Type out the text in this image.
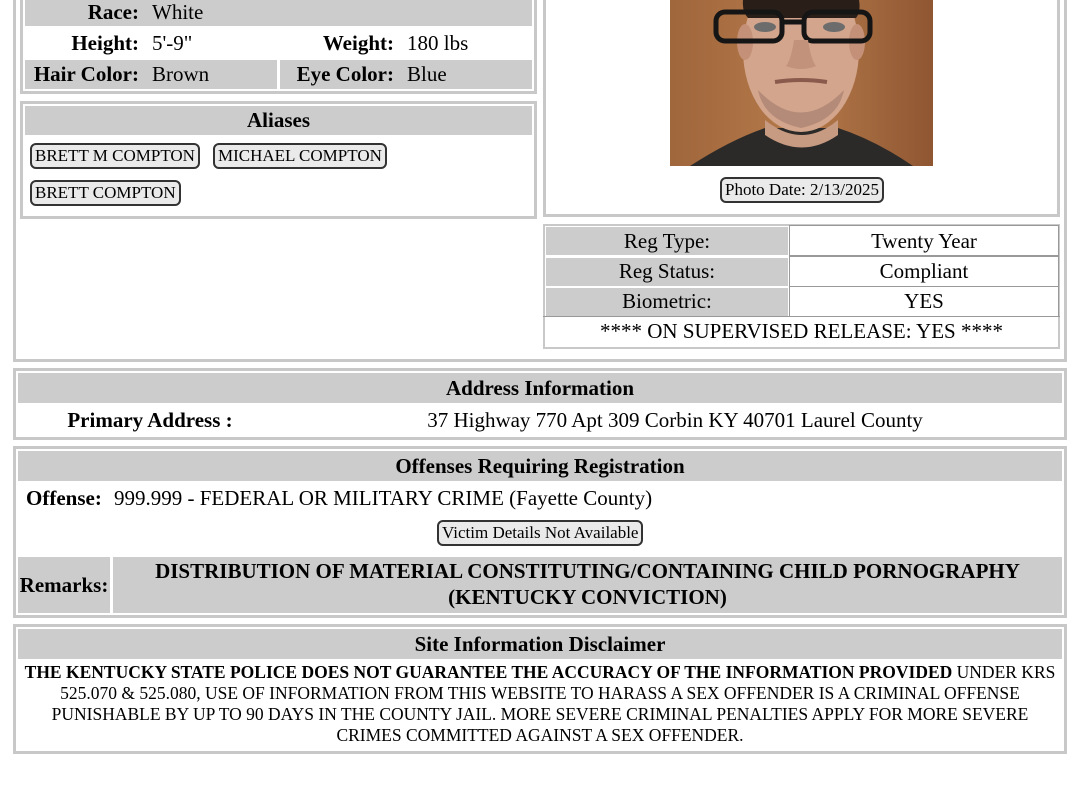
Race: White
Height: 5'-9"	Weight: 180 lbs
Hair Color: Brown	Eye Color: Blue
Aliases
BRETT M COMPTON MICHAEL COMPTON
BRETT COMPTON	Photo Date: 2/13/2025
Reg Type:	Twenty Year
Reg Status:	Compliant
Biometric:	YES
**** ON SUPERVISED RELEASE: YES ****
Address Information
Primary Address :	37 Highway 770 Apt 309 Corbin KY 40701 Laurel County
Offenses Requiring Registration
Offense: 999.999 - FEDERAL OR MILITARY CRIME (Fayette County)
Victim Details Not Available
Remarks:
DISTRIBUTION OF MATERIAL CONSTITUTING/CONTAINING CHILD PORNOGRAPHY (KENTUCKY CONVICTION)
Site Information Disclaimer
THE KENTUCKY STATE POLICE DOES NOT GUARANTEE THE ACCURACY OF THE INFORMATION PROVIDED UNDER KRS 525.070 & 525.080, USE OF INFORMATION FROM THIS WEBSITE TO HARASS A SEX OFFENDER IS A CRIMINAL OFFENSE PUNISHABLE BY UP TO 90 DAYS IN THE COUNTY JAIL. MORE SEVERE CRIMINAL PENALTIES APPLY FOR MORE SEVERE CRIMES COMMITTED AGAINST A SEX OFFENDER.
